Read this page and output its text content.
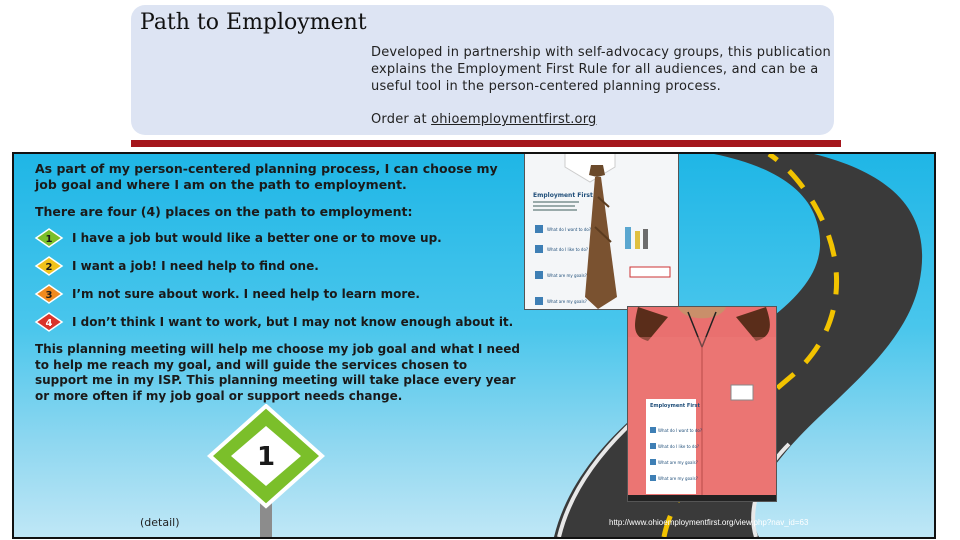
Path to Employment
Developed in partnership with self-advocacy groups, this publication explains the Employment First Rule for all audiences, and can be a useful tool in the person-centered planning process.
Order at ohioemploymentfirst.org
As part of my person-centered planning process, I can choose my job goal and where I am on the path to employment.
There are four (4) places on the path to employment:
1 I have a job but would like a better one or to move up.
2 I want a job! I need help to find one.
3 I’m not sure about work. I need help to learn more.
4 I don’t think I want to work, but I may not know enough about it.
This planning meeting will help me choose my job goal and what I need to help me reach my goal, and will guide the services chosen to support me in my ISP. This planning meeting will take place every year or more often if my job goal or support needs change.
1
Employment First
What do I want to do?
What do I like to do?
What are my goals?
What are my goals?
Employment First
What do I want to do?
What do I like to do?
What are my goals?
What are my goals?
(detail)	http://www.ohioemploymentfirst.org/view.php?nav_id=63
